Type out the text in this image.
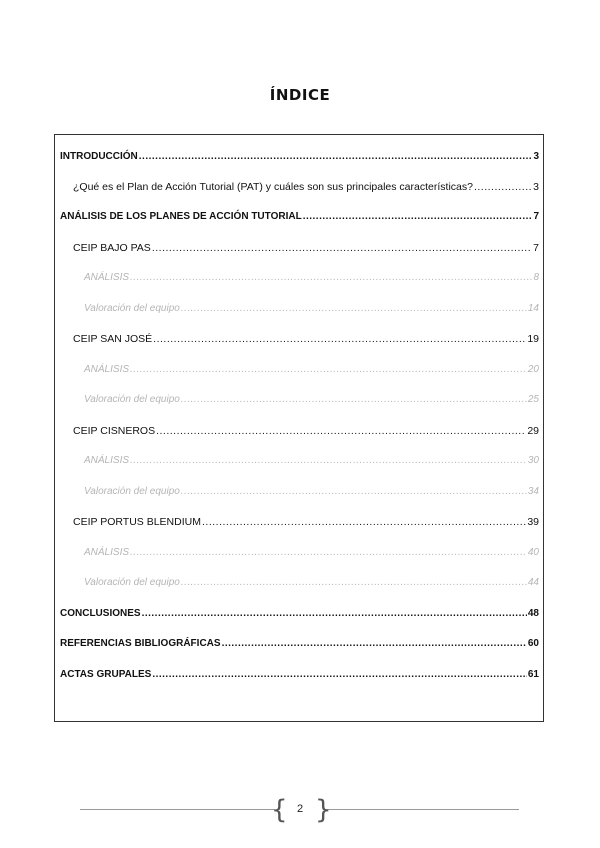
ÍNDICE
INTRODUCCIÓN .....	3
¿Qué es el Plan de Acción Tutorial (PAT) y cuáles son sus principales características? .....	3
ANÁLISIS DE LOS PLANES DE ACCIÓN TUTORIAL .....	7
CEIP BAJO PAS .....	7
ANÁLISIS .....	8
Valoración del equipo .....	14
CEIP SAN JOSÉ .....	19
ANÁLISIS .....	20
Valoración del equipo .....	25
CEIP CISNEROS .....	29
ANÁLISIS .....	30
Valoración del equipo .....	34
CEIP PORTUS BLENDIUM .....	39
ANÁLISIS .....	40
Valoración del equipo .....	44
CONCLUSIONES .....	48
REFERENCIAS BIBLIOGRÁFICAS .....	60
ACTAS GRUPALES .....	61
{ }
2
